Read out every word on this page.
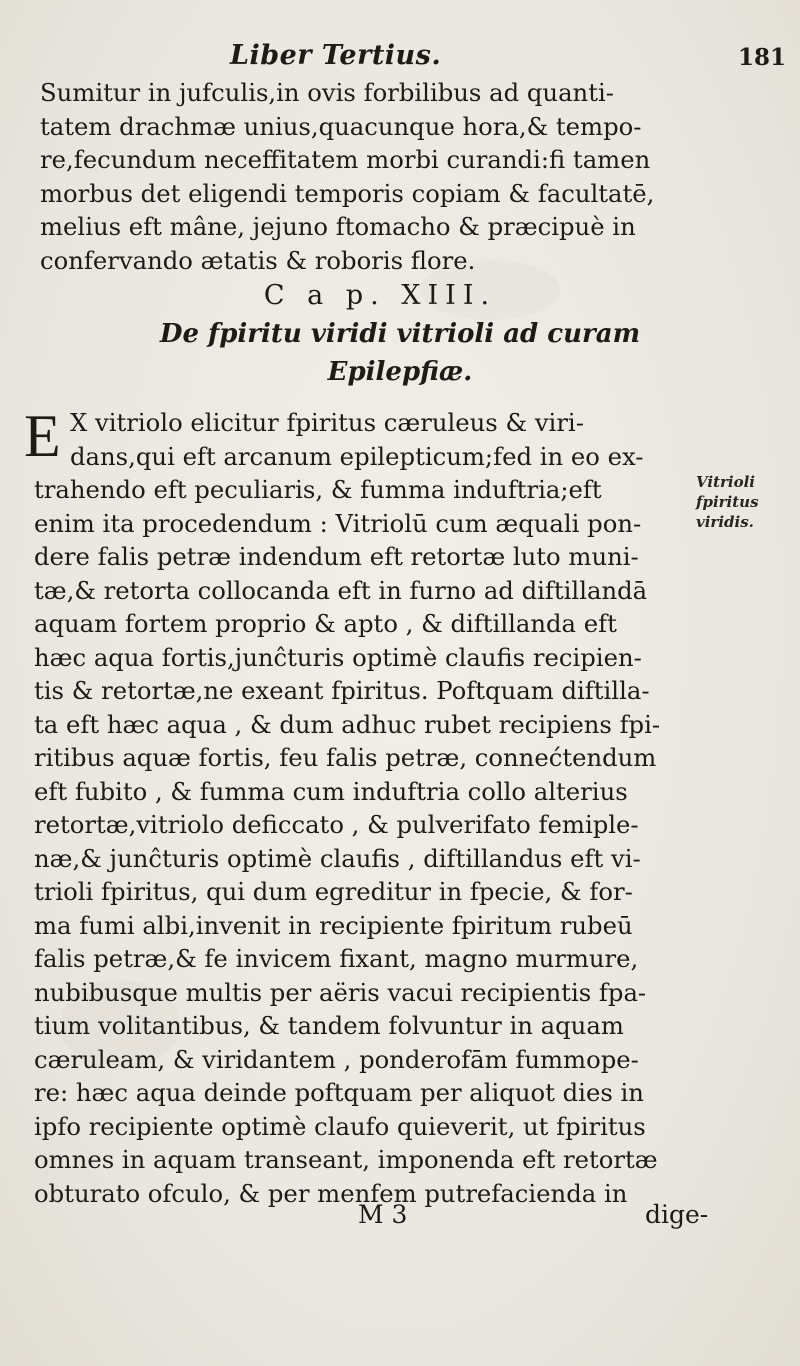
Liber Tertius.	181
Sumitur in jufculis,in ovis forbilibus ad quanti-
tatem drachmæ unius,quacunque hora,& tempo-
re,fecundum neceffitatem morbi curandi:fi tamen
morbus det eligendi temporis copiam & facultatē,
melius eft mâne, jejuno ftomacho & præcipuè in
confervando ætatis & roboris flore.
C a p. XIII.
De fpiritu viridi vitrioli ad curam
Epilepfiæ.
E X vitriolo elicitur fpiritus cæruleus & viri-
dans,qui eft arcanum epilepticum;fed in eo ex-
trahendo eft peculiaris, & fumma induftria;eft
enim ita procedendum : Vitriolū cum æquali pon-
dere falis petræ indendum eft retortæ luto muni-
tæ,& retorta collocanda eft in furno ad diftillandā
aquam fortem proprio & apto , & diftillanda eft
hæc aqua fortis,junĉturis optimè claufis recipien-
tis & retortæ,ne exeant fpiritus. Poftquam diftilla-
ta eft hæc aqua , & dum adhuc rubet recipiens fpi-
ritibus aquæ fortis, feu falis petræ, connećtendum
eft fubito , & fumma cum induftria collo alterius
retortæ,vitriolo deficcato , & pulverifato femiple-
næ,& junĉturis optimè claufis , diftillandus eft vi-
trioli fpiritus, qui dum egreditur in fpecie, & for-
ma fumi albi,invenit in recipiente fpiritum rubeū
falis petræ,& fe invicem fixant, magno murmure,
nubibusque multis per aëris vacui recipientis fpa-
tium volitantibus, & tandem folvuntur in aquam
cæruleam, & viridantem , ponderofām fummope-
re: hæc aqua deinde poftquam per aliquot dies in
ipfo recipiente optimè claufo quieverit, ut fpiritus
omnes in aquam transeant, imponenda eft retortæ
obturato ofculo, & per menfem putrefacienda in
Vitrioli
fpiritus
viridis.
M 3	dige-
